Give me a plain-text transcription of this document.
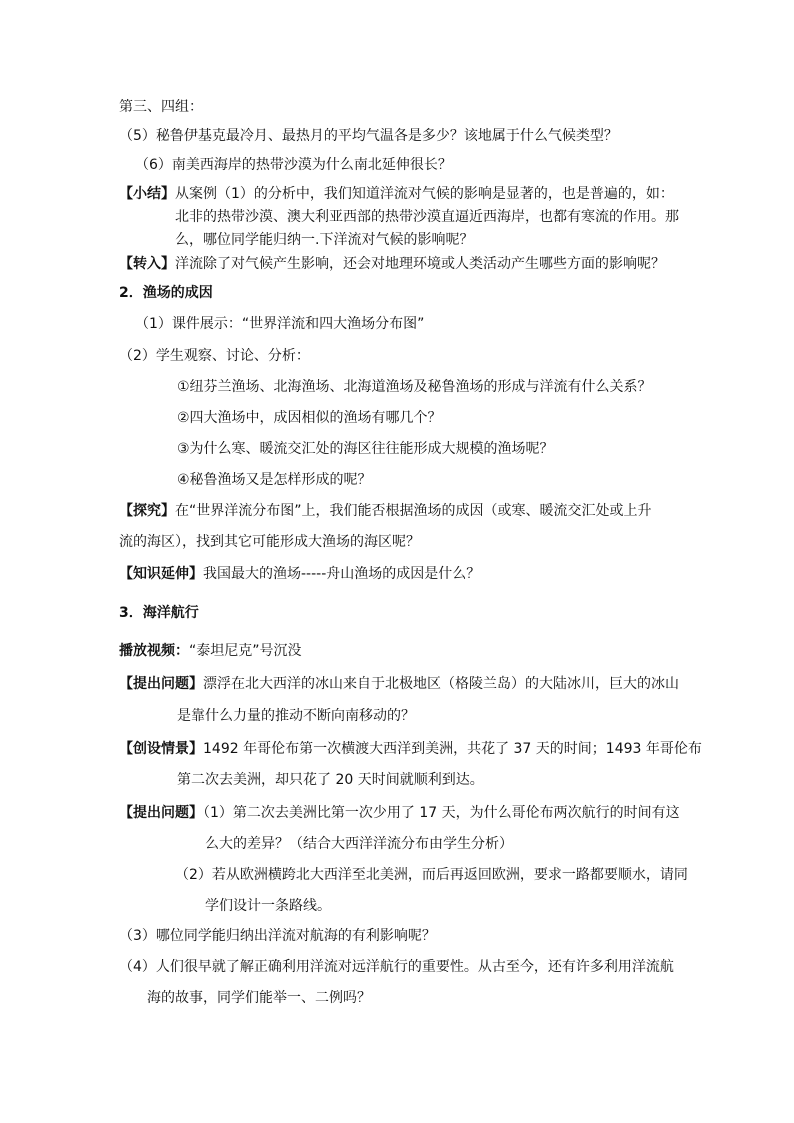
第三、四组：
（5）秘鲁伊基克最冷月、最热月的平均气温各是多少？该地属于什么气候类型？
（6）南美西海岸的热带沙漠为什么南北延伸很长？
【小结】从案例（1）的分析中，我们知道洋流对气候的影响是显著的，也是普遍的，如：
北非的热带沙漠、澳大利亚西部的热带沙漠直逼近西海岸，也都有寒流的作用。那
么，哪位同学能归纳一.下洋流对气候的影响呢？
【转入】洋流除了对气候产生影响，还会对地理环境或人类活动产生哪些方面的影响呢？
2．渔场的成因
（1）课件展示：“世界洋流和四大渔场分布图”
（2）学生观察、讨论、分析：
①纽芬兰渔场、北海渔场、北海道渔场及秘鲁渔场的形成与洋流有什么关系？
②四大渔场中，成因相似的渔场有哪几个？
③为什么寒、暖流交汇处的海区往往能形成大规模的渔场呢？
④秘鲁渔场又是怎样形成的呢？
【探究】在“世界洋流分布图”上，我们能否根据渔场的成因（或寒、暖流交汇处或上升
流的海区），找到其它可能形成大渔场的海区呢？
【知识延伸】我国最大的渔场-----舟山渔场的成因是什么？
3．海洋航行
播放视频：“泰坦尼克”号沉没
【提出问题】漂浮在北大西洋的冰山来自于北极地区（格陵兰岛）的大陆冰川，巨大的冰山
是靠什么力量的推动不断向南移动的？
【创设情景】1492 年哥伦布第一次横渡大西洋到美洲，共花了 37 天的时间；1493 年哥伦布
第二次去美洲，却只花了 20 天时间就顺利到达。
【提出问题】（1）第二次去美洲比第一次少用了 17 天，为什么哥伦布两次航行的时间有这
么大的差异？（结合大西洋洋流分布由学生分析）
（2）若从欧洲横跨北大西洋至北美洲，而后再返回欧洲，要求一路都要顺水，请同
学们设计一条路线。
（3）哪位同学能归纳出洋流对航海的有利影响呢？
（4）人们很早就了解正确利用洋流对远洋航行的重要性。从古至今，还有许多利用洋流航
海的故事，同学们能举一、二例吗？
